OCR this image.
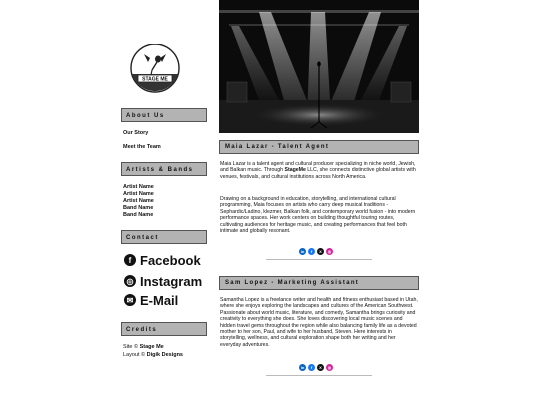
STAGE ME
About Us
Our Story
Meet the Team
Artists & Bands
Artist Name
Artist Name
Artist Name
Band Name
Band Name
Contact
f Facebook
◎ Instagram
✉ E-Mail
Credits
Site © Stage Me
Layout © Digik Designs
Maia Lazar - Talent Agent
Maia Lazar is a talent agent and cultural producer specializing in niche world, Jewish, and Balkan music. Through StageMe LLC, she connects distinctive global artists with venues, festivals, and cultural institutions across North America.
Drawing on a background in education, storytelling, and international cultural programming, Maia focuses on artists who carry deep musical traditions - Sephardic/Ladino, klezmer, Balkan folk, and contemporary world fusion - into modern performance spaces. Her work centers on building thoughtful touring routes, cultivating audiences for heritage music, and creating performances that feel both intimate and globally resonant.
in	f	X	◎
Sam Lopez - Marketing Assistant
Samantha Lopez is a freelance writer and health and fitness enthusiast based in Utah, where she enjoys exploring the landscapes and cultures of the American Southwest. Passionate about world music, literature, and comedy, Samantha brings curiosity and creativity to everything she does. She loves discovering local music scenes and hidden travel gems throughout the region while also balancing family life as a devoted mother to her son, Paul, and wife to her husband, Steven. Here interests in storytelling, wellness, and cultural exploration shape both her writing and her everyday adventures.
in	f	X	◎
